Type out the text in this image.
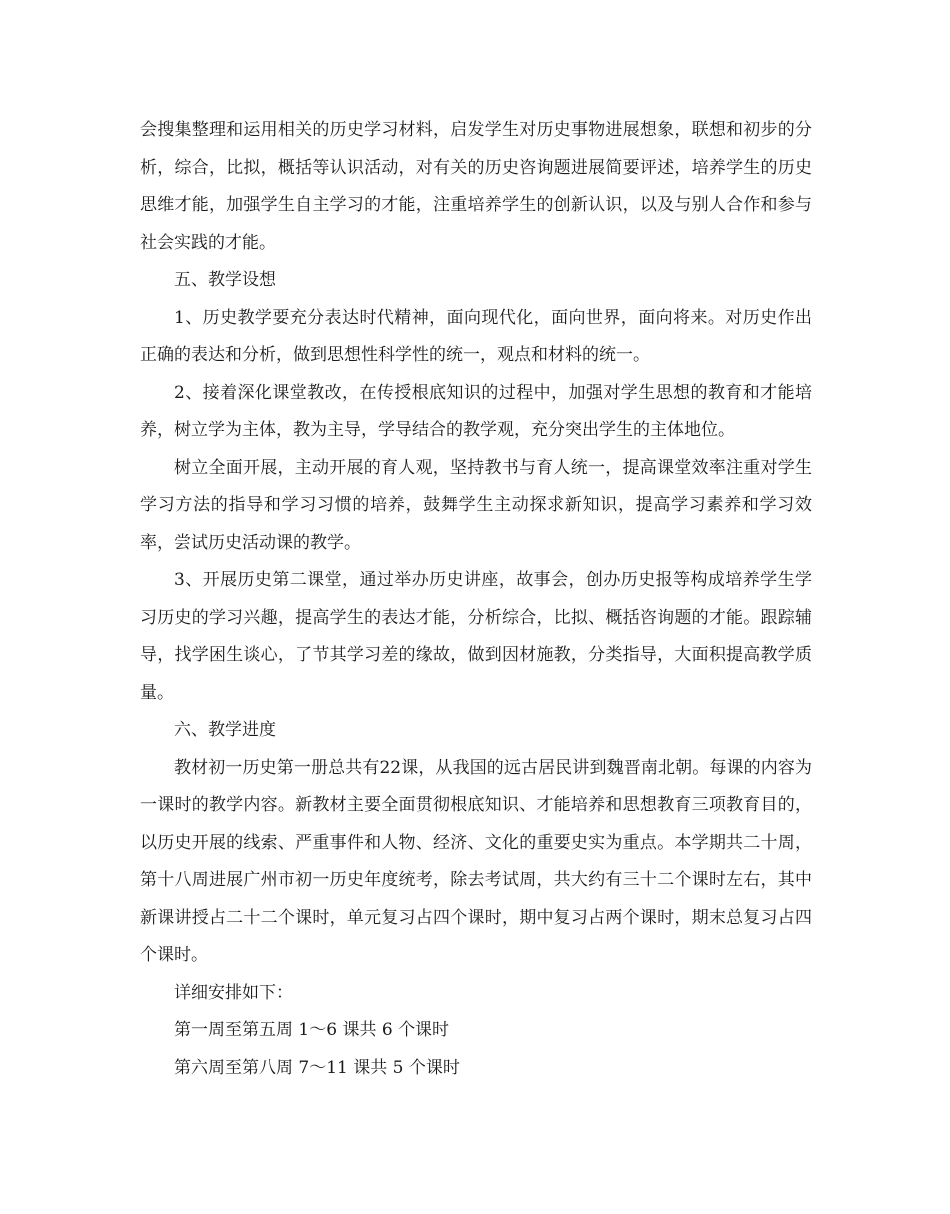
会搜集整理和运用相关的历史学习材料，启发学生对历史事物进展想象，联想和初步的分析，综合，比拟，概括等认识活动，对有关的历史咨询题进展简要评述，培养学生的历史思维才能，加强学生自主学习的才能，注重培养学生的创新认识，以及与别人合作和参与社会实践的才能。

五、教学设想

1、历史教学要充分表达时代精神，面向现代化，面向世界，面向将来。对历史作出正确的表达和分析，做到思想性科学性的统一，观点和材料的统一。

2、接着深化课堂教改，在传授根底知识的过程中，加强对学生思想的教育和才能培养，树立学为主体，教为主导，学导结合的教学观，充分突出学生的主体地位。

树立全面开展，主动开展的育人观，坚持教书与育人统一，提高课堂效率注重对学生学习方法的指导和学习习惯的培养，鼓舞学生主动探求新知识，提高学习素养和学习效率，尝试历史活动课的教学。

3、开展历史第二课堂，通过举办历史讲座，故事会，创办历史报等构成培养学生学习历史的学习兴趣，提高学生的表达才能，分析综合，比拟、概括咨询题的才能。跟踪辅导，找学困生谈心，了节其学习差的缘故，做到因材施教，分类指导，大面积提高教学质量。

六、教学进度

教材初一历史第一册总共有22课，从我国的远古居民讲到魏晋南北朝。每课的内容为一课时的教学内容。新教材主要全面贯彻根底知识、才能培养和思想教育三项教育目的，以历史开展的线索、严重事件和人物、经济、文化的重要史实为重点。本学期共二十周，第十八周进展广州市初一历史年度统考，除去考试周，共大约有三十二个课时左右，其中新课讲授占二十二个课时，单元复习占四个课时，期中复习占两个课时，期末总复习占四个课时。

详细安排如下：

第一周至第五周 1～6 课共 6 个课时

第六周至第八周 7～11 课共 5 个课时
